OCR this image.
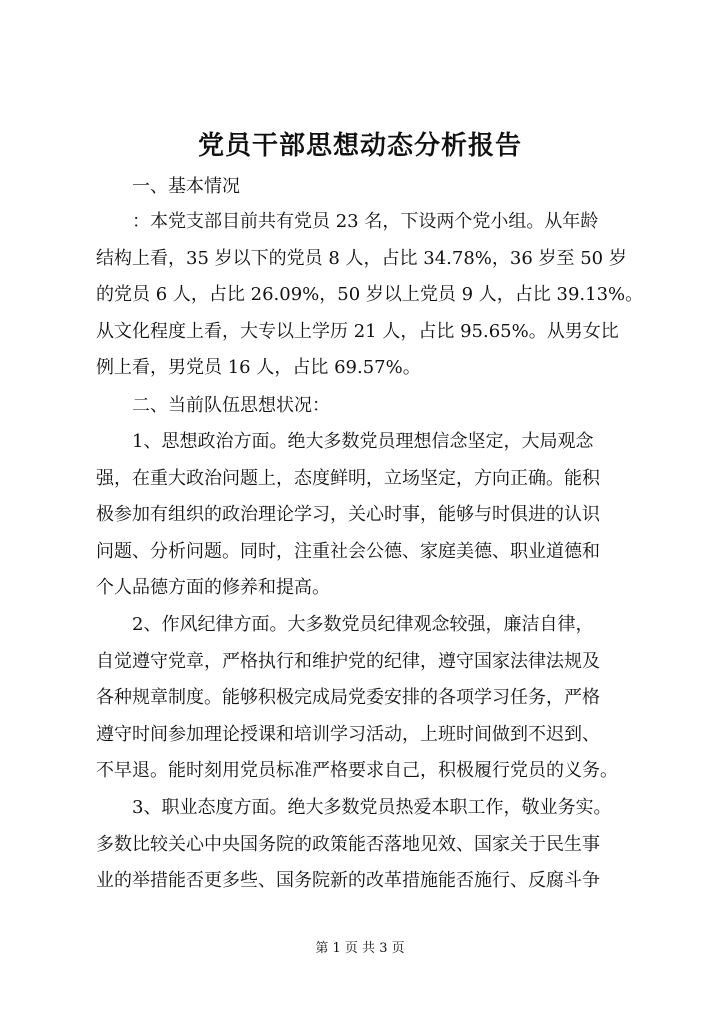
党员干部思想动态分析报告

一、基本情况

：本党支部目前共有党员 23 名，下设两个党小组。从年龄
结构上看，35 岁以下的党员 8 人，占比 34.78%，36 岁至 50 岁
的党员 6 人，占比 26.09%，50 岁以上党员 9 人，占比 39.13%。
从文化程度上看，大专以上学历 21 人，占比 95.65%。从男女比
例上看，男党员 16 人，占比 69.57%。

二、当前队伍思想状况：

　　1、思想政治方面。绝大多数党员理想信念坚定，大局观念
强，在重大政治问题上，态度鲜明，立场坚定，方向正确。能积
极参加有组织的政治理论学习，关心时事，能够与时俱进的认识
问题、分析问题。同时，注重社会公德、家庭美德、职业道德和
个人品德方面的修养和提高。

　　2、作风纪律方面。大多数党员纪律观念较强，廉洁自律，
自觉遵守党章，严格执行和维护党的纪律，遵守国家法律法规及
各种规章制度。能够积极完成局党委安排的各项学习任务，严格
遵守时间参加理论授课和培训学习活动，上班时间做到不迟到、
不早退。能时刻用党员标准严格要求自己，积极履行党员的义务。

　　3、职业态度方面。绝大多数党员热爱本职工作，敬业务实。
多数比较关心中央国务院的政策能否落地见效、国家关于民生事
业的举措能否更多些、国务院新的改革措施能否施行、反腐斗争

第 1 页 共 3 页
